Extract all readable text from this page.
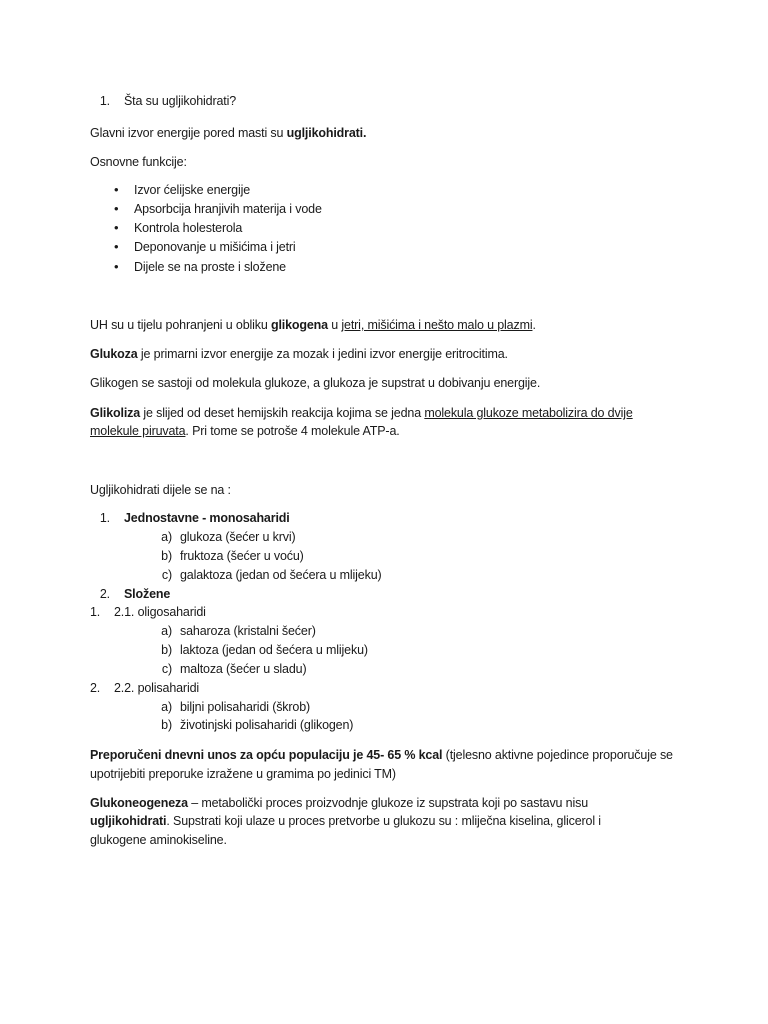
1. Šta su ugljikohidrati?
Glavni izvor energije pored masti su ugljikohidrati.
Osnovne funkcije:
• Izvor ćelijske energije
• Apsorbcija hranjivih materija i vode
• Kontrola holesterola
• Deponovanje u mišićima i jetri
• Dijele se na proste i složene
UH su u tijelu pohranjeni u obliku glikogena u jetri, mišićima i nešto malo u plazmi.
Glukoza je primarni izvor energije za mozak i jedini izvor energije eritrocitima.
Glikogen se sastoji od molekula glukoze, a glukoza je supstrat u dobivanju energije.
Glikoliza je slijed od deset hemijskih reakcija kojima se jedna molekula glukoze metabolizira do dvije
molekule piruvata. Pri tome se potroše 4 molekule ATP-a.
Ugljikohidrati dijele se na :
1. Jednostavne - monosaharidi
a) glukoza (šećer u krvi)
b) fruktoza (šećer u voću)
c) galaktoza (jedan od šećera u mlijeku)
2. Složene
1. 2.1. oligosaharidi
a) saharoza (kristalni šećer)
b) laktoza (jedan od šećera u mlijeku)
c) maltoza (šećer u sladu)
2. 2.2. polisaharidi
a) biljni polisaharidi (škrob)
b) životinjski polisaharidi (glikogen)
Preporučeni dnevni unos za opću populaciju je 45- 65 % kcal (tjelesno aktivne pojedince proporučuje se
upotrijebiti preporuke izražene u gramima po jedinici TM)
Glukoneogeneza – metabolički proces proizvodnje glukoze iz supstrata koji po sastavu nisu
ugljikohidrati. Supstrati koji ulaze u proces pretvorbe u glukozu su : mliječna kiselina, glicerol i
glukogene aminokiseline.
